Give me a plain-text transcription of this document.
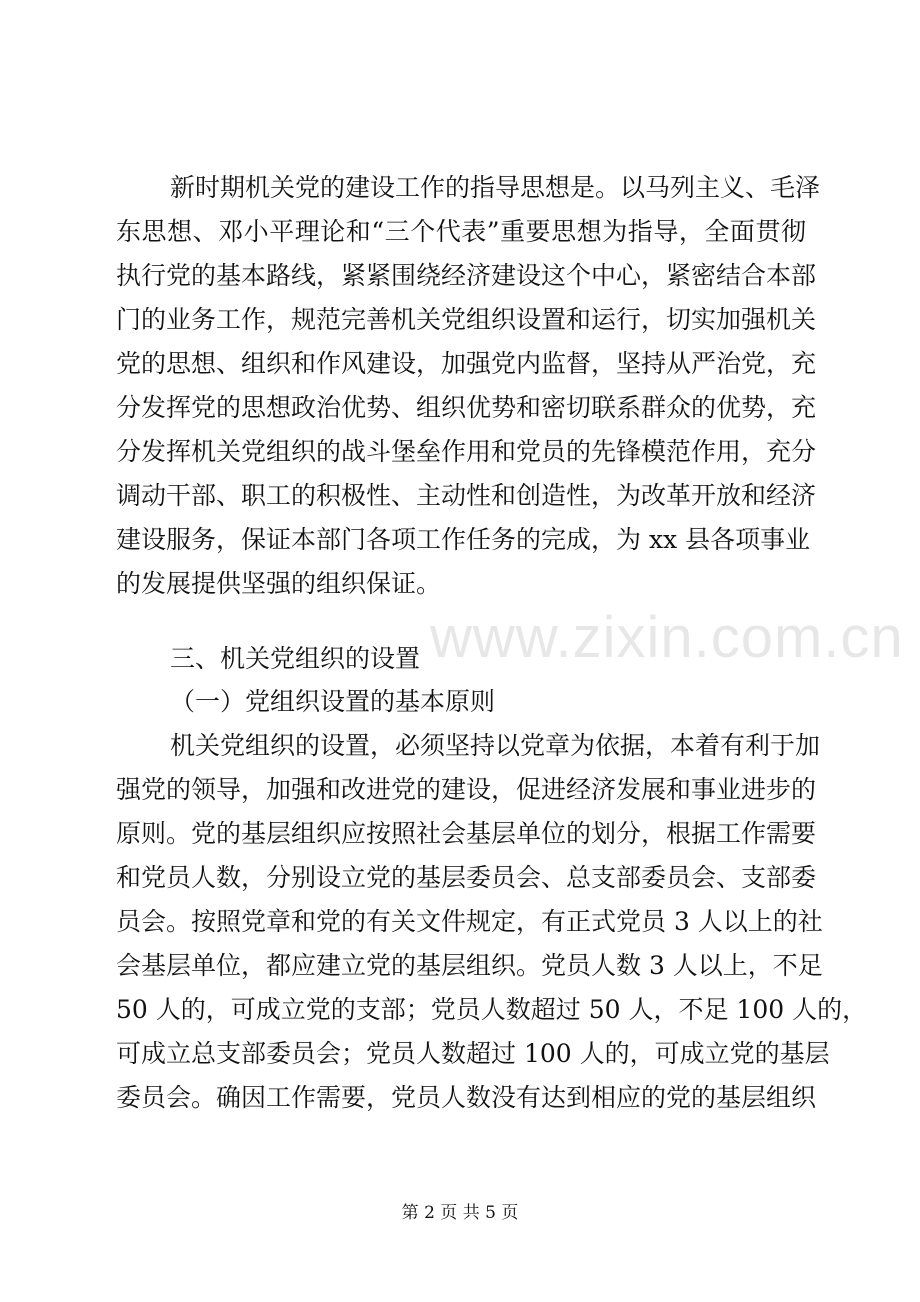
新时期机关党的建设工作的指导思想是。以马列主义、毛泽
东思想、邓小平理论和“三个代表”重要思想为指导，全面贯彻
执行党的基本路线，紧紧围绕经济建设这个中心，紧密结合本部
门的业务工作，规范完善机关党组织设置和运行，切实加强机关
党的思想、组织和作风建设，加强党内监督，坚持从严治党，充
分发挥党的思想政治优势、组织优势和密切联系群众的优势，充
分发挥机关党组织的战斗堡垒作用和党员的先锋模范作用，充分
调动干部、职工的积极性、主动性和创造性，为改革开放和经济
建设服务，保证本部门各项工作任务的完成，为 xx 县各项事业
的发展提供坚强的组织保证。
三、机关党组织的设置
（一）党组织设置的基本原则
机关党组织的设置，必须坚持以党章为依据，本着有利于加
强党的领导，加强和改进党的建设，促进经济发展和事业进步的
原则。党的基层组织应按照社会基层单位的划分，根据工作需要
和党员人数，分别设立党的基层委员会、总支部委员会、支部委
员会。按照党章和党的有关文件规定，有正式党员 3 人以上的社
会基层单位，都应建立党的基层组织。党员人数 3 人以上，不足
50 人的，可成立党的支部；党员人数超过 50 人，不足 100 人的，
可成立总支部委员会；党员人数超过 100 人的，可成立党的基层
委员会。确因工作需要，党员人数没有达到相应的党的基层组织
www.zixin.com.cn
第 2 页 共 5 页
